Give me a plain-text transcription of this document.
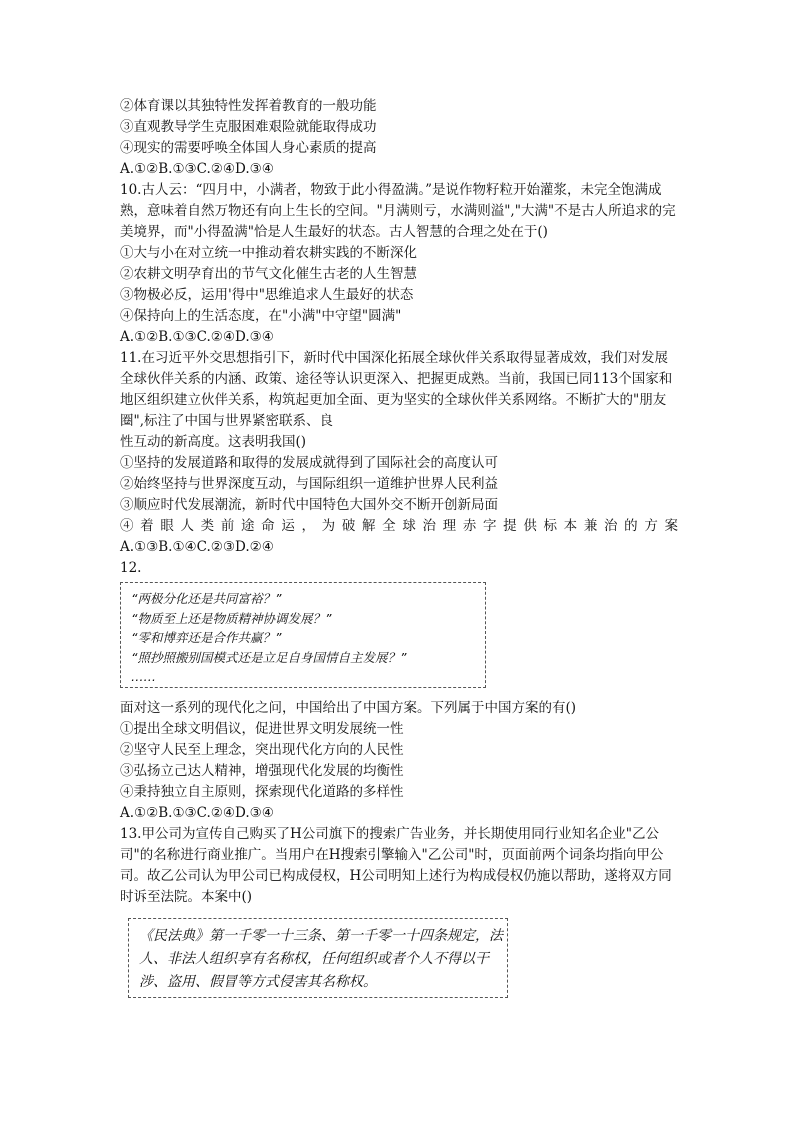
②体育课以其独特性发挥着教育的一般功能
③直观教导学生克服困难艰险就能取得成功
④现实的需要呼唤全体国人身心素质的提高
A.①②B.①③C.②④D.③④
10.古人云：“四月中，小满者，物致于此小得盈满。”是说作物籽粒开始灌浆，未完全饱满成熟，意味着自然万物还有向上生长的空间。"月满则亏，水满则溢","大满"不是古人所追求的完美境界，而"小得盈满"恰是人生最好的状态。古人智慧的合理之处在于()
①大与小在对立统一中推动着农耕实践的不断深化
②农耕文明孕育出的节气文化催生古老的人生智慧
③物极必反，运用'得中"思维追求人生最好的状态
④保持向上的生活态度，在"小满"中守望"圆满"
A.①②B.①③C.②④D.③④
11.在习近平外交思想指引下，新时代中国深化拓展全球伙伴关系取得显著成效，我们对发展全球伙伴关系的内涵、政策、途径等认识更深入、把握更成熟。当前，我国已同113个国家和地区组织建立伙伴关系，构筑起更加全面、更为坚实的全球伙伴关系网络。不断扩大的"朋友圈",标注了中国与世界紧密联系、良
性互动的新高度。这表明我国()
①坚持的发展道路和取得的发展成就得到了国际社会的高度认可
②始终坚持与世界深度互动，与国际组织一道维护世界人民利益
③顺应时代发展潮流，新时代中国特色大国外交不断开创新局面
④着眼人类前途命运，为破解全球治理赤字提供标本兼治的方案
A.①③B.①④C.②③D.②④
12.
“两极分化还是共同富裕？”
“物质至上还是物质精神协调发展？”
“零和博弈还是合作共赢？”
“照抄照搬别国模式还是立足自身国情自主发展？”
……
面对这一系列的现代化之问，中国给出了中国方案。下列属于中国方案的有()
①提出全球文明倡议，促进世界文明发展统一性
②坚守人民至上理念，突出现代化方向的人民性
③弘扬立己达人精神，增强现代化发展的均衡性
④秉持独立自主原则，探索现代化道路的多样性
A.①②B.①③C.②④D.③④
13.甲公司为宣传自己购买了H公司旗下的搜索广告业务，并长期使用同行业知名企业"乙公司"的名称进行商业推广。当用户在H搜索引擎输入"乙公司"时，页面前两个词条均指向甲公司。故乙公司认为甲公司已构成侵权，H公司明知上述行为构成侵权仍施以帮助，遂将双方同时诉至法院。本案中()
《民法典》第一千零一十三条、第一千零一十四条规定，法
人、非法人组织享有名称权，任何组织或者个人不得以干
涉、盗用、假冒等方式侵害其名称权。
